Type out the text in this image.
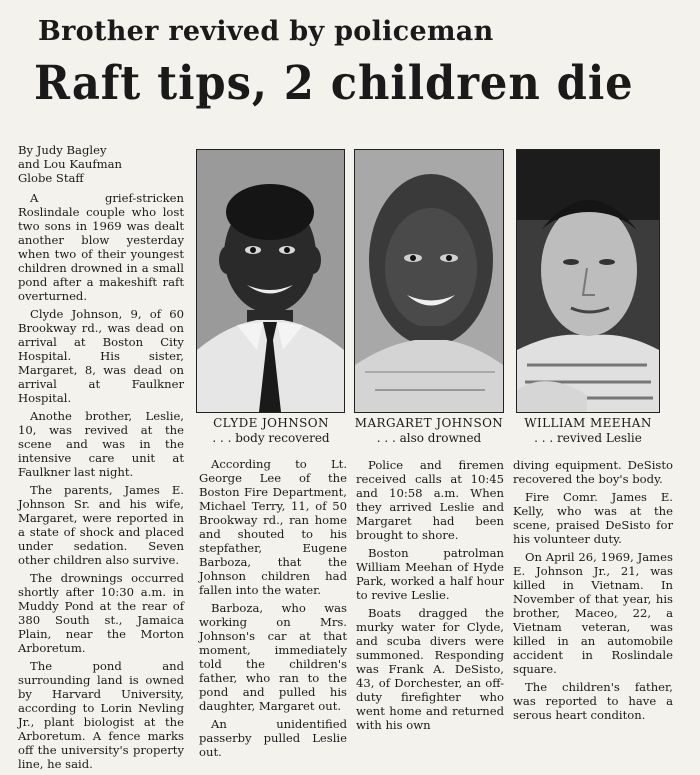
Brother revived by policeman
Raft tips, 2 children die
By Judy Bagley
and Lou Kaufman
Globe Staff

A grief-stricken Roslindale couple who lost two sons in 1969 was dealt another blow yesterday when two of their youngest children drowned in a small pond after a makeshift raft overturned.

Clyde Johnson, 9, of 60 Brookway rd., was dead on arrival at Boston City Hospital. His sister, Margaret, 8, was dead on arrival at Faulkner Hospital.

Anothe brother, Leslie, 10, was revived at the scene and was in the intensive care unit at Faulkner last night.

The parents, James E. Johnson Sr. and his wife, Margaret, were reported in a state of shock and placed under sedation. Seven other children also survive.

The drownings occurred shortly after 10:30 a.m. in Muddy Pond at the rear of 380 South st., Jamaica Plain, near the Morton Arboretum.

The pond and surrounding land is owned by Harvard University, according to Lorin Nevling Jr., plant biologist at the Arboretum. A fence marks off the university's property line, he said.

CLYDE JOHNSON
. . . body recovered
MARGARET JOHNSON
. . . also drowned
WILLIAM MEEHAN
. . . revived Leslie

According to Lt. George Lee of the Boston Fire Department, Michael Terry, 11, of 50 Brookway rd., ran home and shouted to his stepfather, Eugene Barboza, that the Johnson children had fallen into the water.

Barboza, who was working on Mrs. Johnson's car at that moment, immediately told the children's father, who ran to the pond and pulled his daughter, Margaret out.

An unidentified passerby pulled Leslie out.

Police and firemen received calls at 10:45 and 10:58 a.m. When they arrived Leslie and Margaret had been brought to shore.

Boston patrolman William Meehan of Hyde Park, worked a half hour to revive Leslie.

Boats dragged the murky water for Clyde, and scuba divers were summoned. Responding was Frank A. DeSisto, 43, of Dorchester, an off-duty firefighter who went home and returned with his own

diving equipment. DeSisto recovered the boy's body.

Fire Comr. James E. Kelly, who was at the scene, praised DeSisto for his volunteer duty.

On April 26, 1969, James E. Johnson Jr., 21, was killed in Vietnam. In November of that year, his brother, Maceo, 22, a Vietnam veteran, was killed in an automobile accident in Roslindale square.

The children's father, was reported to have a serous heart conditon.
